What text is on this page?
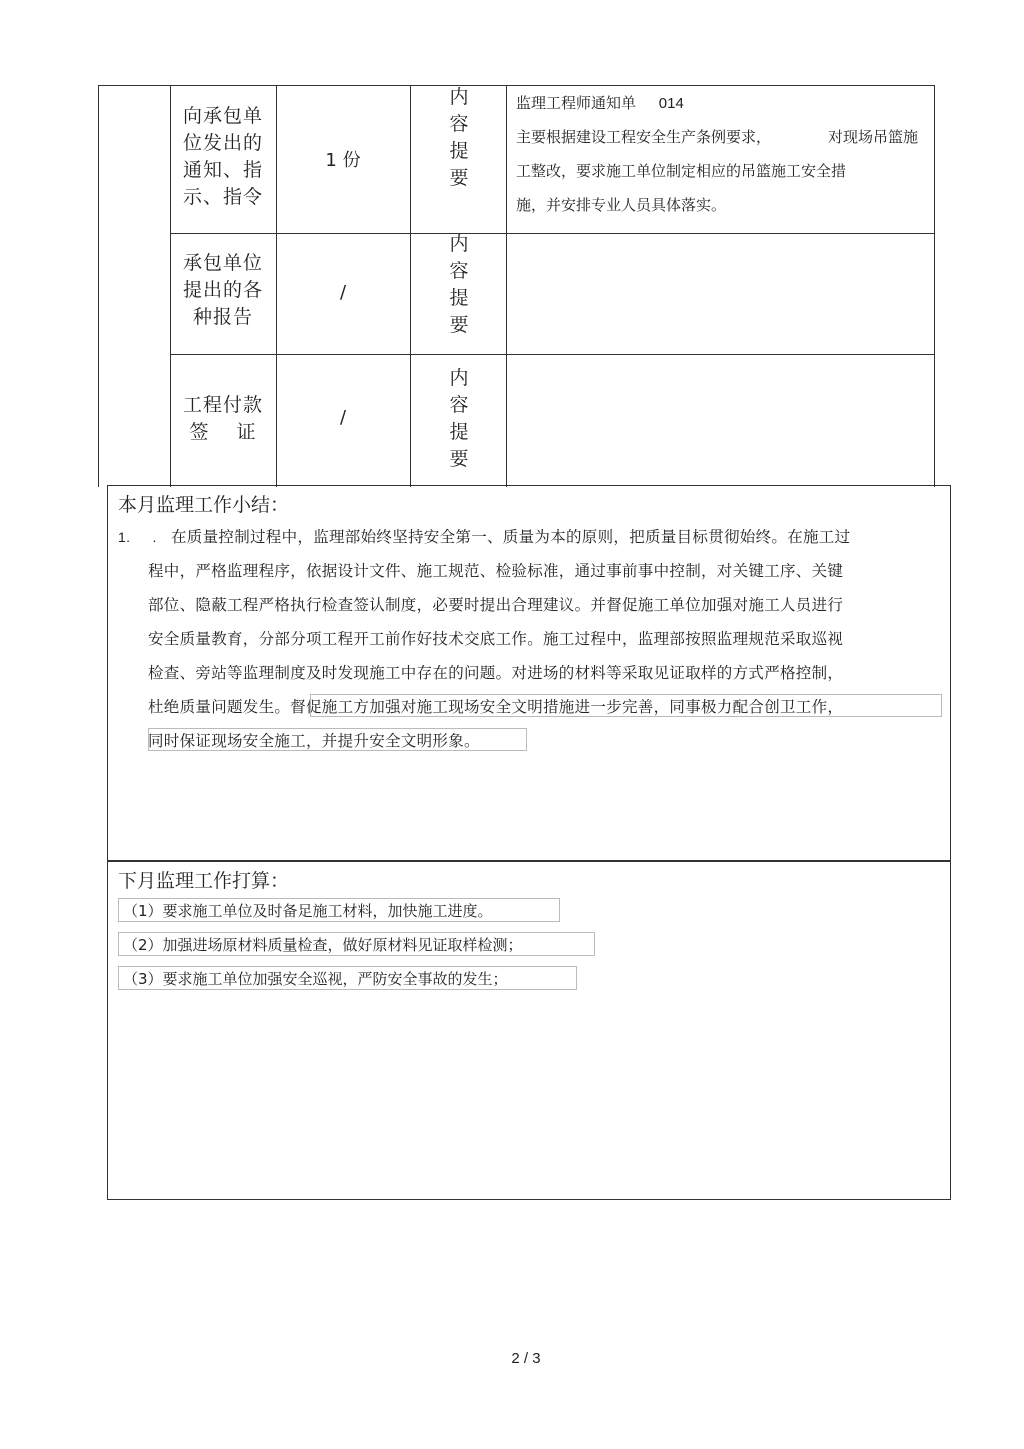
向承包单
位发出的
通知、指
示、指令
1 份
内
容
提
要
监理工程师通知单 014
主要根据建设工程安全生产条例要求，	对现场吊篮施
工整改，要求施工单位制定相应的吊篮施工安全措
施，并安排专业人员具体落实。
承包单位
提出的各
种报告
/
内
容
提
要
工程付款
签　 证
/
内
容
提
要
本月监理工作小结：
1. . 在质量控制过程中，监理部始终坚持安全第一、质量为本的原则，把质量目标贯彻始终。在施工过
程中，严格监理程序，依据设计文件、施工规范、检验标准，通过事前事中控制，对关键工序、关键
部位、隐蔽工程严格执行检查签认制度，必要时提出合理建议。并督促施工单位加强对施工人员进行
安全质量教育，分部分项工程开工前作好技术交底工作。施工过程中，监理部按照监理规范采取巡视
检查、旁站等监理制度及时发现施工中存在的问题。对进场的材料等采取见证取样的方式严格控制，
杜绝质量问题发生。督促施工方加强对施工现场安全文明措施进一步完善，同事极力配合创卫工作，
同时保证现场安全施工，并提升安全文明形象。
下月监理工作打算：
（1）要求施工单位及时备足施工材料，加快施工进度。
（2）加强进场原材料质量检查，做好原材料见证取样检测；
（3）要求施工单位加强安全巡视，严防安全事故的发生；
2 / 3
